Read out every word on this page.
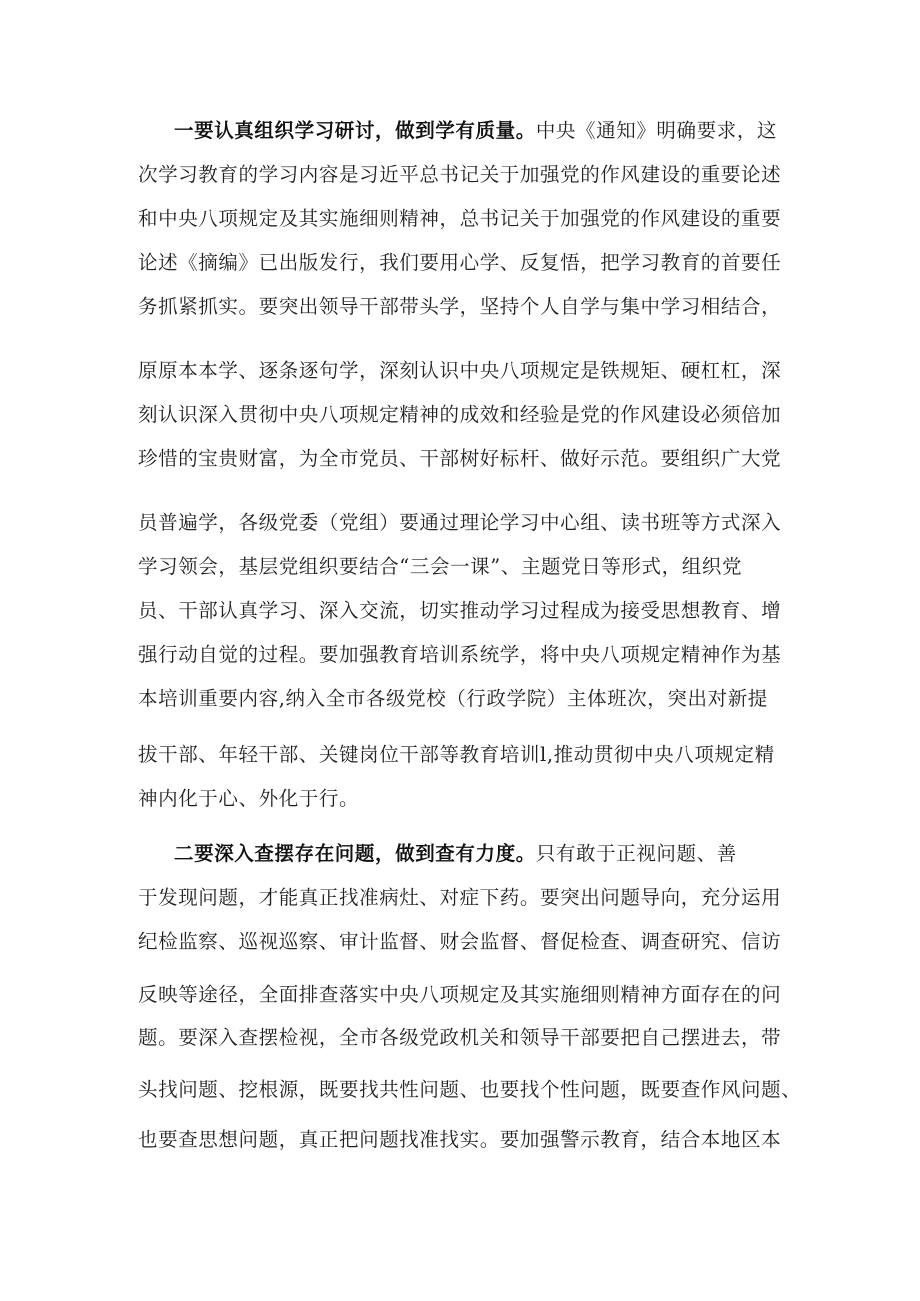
一要认真组织学习研讨，做到学有质量。中央《通知》明确要求，这
次学习教育的学习内容是习近平总书记关于加强党的作风建设的重要论述
和中央八项规定及其实施细则精神，总书记关于加强党的作风建设的重要
论述《摘编》已出版发行，我们要用心学、反复悟，把学习教育的首要任
务抓紧抓实。要突出领导干部带头学，坚持个人自学与集中学习相结合，
原原本本学、逐条逐句学，深刻认识中央八项规定是铁规矩、硬杠杠，深
刻认识深入贯彻中央八项规定精神的成效和经验是党的作风建设必须倍加
珍惜的宝贵财富，为全市党员、干部树好标杆、做好示范。要组织广大党
员普遍学，各级党委（党组）要通过理论学习中心组、读书班等方式深入
学习领会，基层党组织要结合“三会一课”、主题党日等形式，组织党
员、干部认真学习、深入交流，切实推动学习过程成为接受思想教育、增
强行动自觉的过程。要加强教育培训系统学，将中央八项规定精神作为基
本培训重要内容,纳入全市各级党校（行政学院）主体班次，突出对新提
拔干部、年轻干部、关键岗位干部等教育培训l,推动贯彻中央八项规定精
神内化于心、外化于行。
二要深入查摆存在问题，做到查有力度。只有敢于正视问题、善
于发现问题，才能真正找准病灶、对症下药。要突出问题导向，充分运用
纪检监察、巡视巡察、审计监督、财会监督、督促检查、调查研究、信访
反映等途径，全面排查落实中央八项规定及其实施细则精神方面存在的问
题。要深入查摆检视，全市各级党政机关和领导干部要把自己摆进去，带
头找问题、挖根源，既要找共性问题、也要找个性问题，既要查作风问题、
也要查思想问题，真正把问题找准找实。要加强警示教育，结合本地区本
